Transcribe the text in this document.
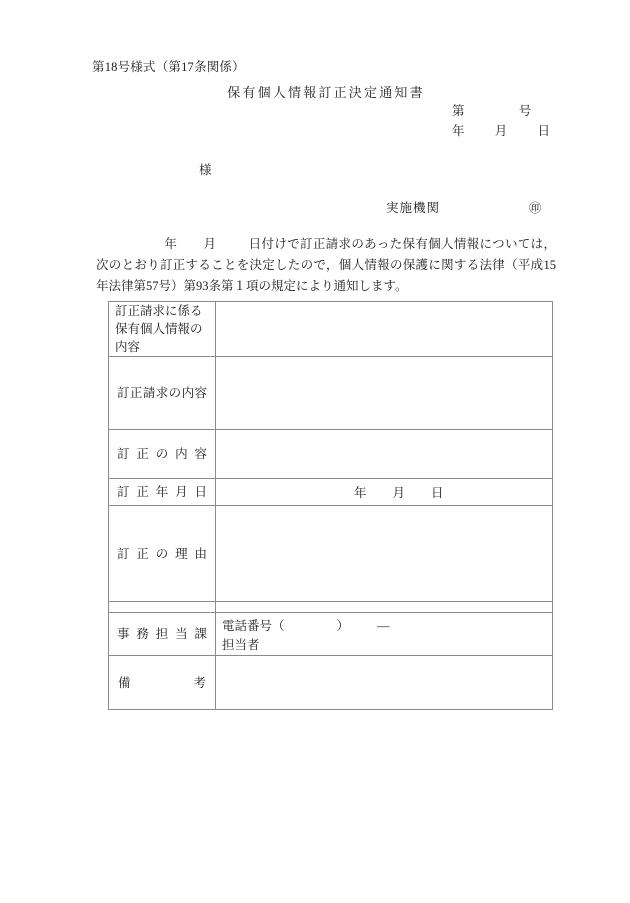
第18号様式（第17条関係）
保有個人情報訂正決定通知書
第	号
年 月 日
様
実施機関	㊞
年 月	日付けで訂正請求のあった保有個人情報については，次のとおり訂正することを決定したので，個人情報の保護に関する法律（平成15年法律第57号）第93条第１項の規定により通知します。
訂正請求に係る保有個人情報の内容	

訂正請求の内容	

訂正の内容	

訂正年月日	年 月 日

訂正の理由	

事務担当課	電話番号（ ） —
担当者

備考	
